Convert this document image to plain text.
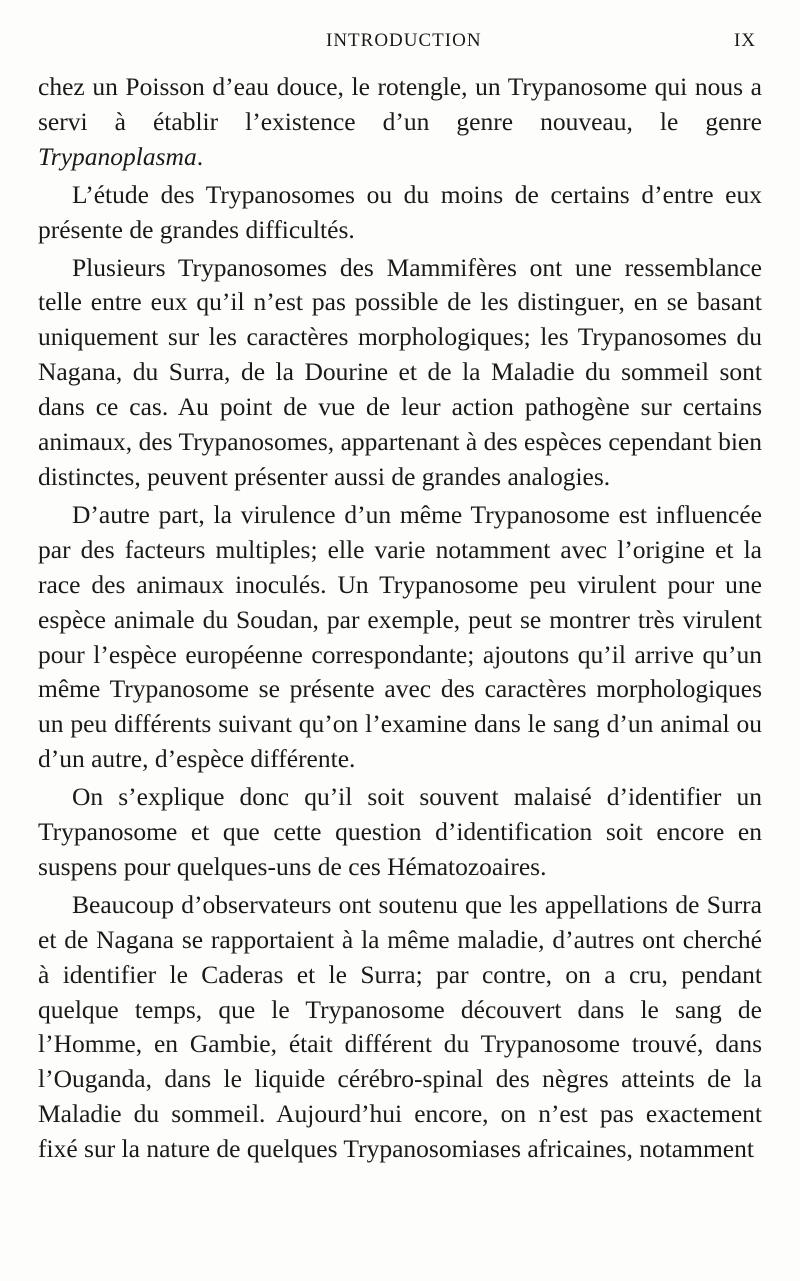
INTRODUCTION	IX

chez un Poisson d’eau douce, le rotengle, un Trypanosome qui nous a servi à établir l’existence d’un genre nouveau, le genre Trypanoplasma.

L’étude des Trypanosomes ou du moins de certains d’entre eux présente de grandes difficultés.

Plusieurs Trypanosomes des Mammifères ont une ressemblance telle entre eux qu’il n’est pas possible de les distinguer, en se basant uniquement sur les caractères morphologiques; les Trypanosomes du Nagana, du Surra, de la Dourine et de la Maladie du sommeil sont dans ce cas. Au point de vue de leur action pathogène sur certains animaux, des Trypanosomes, appartenant à des espèces cependant bien distinctes, peuvent présenter aussi de grandes analogies.

D’autre part, la virulence d’un même Trypanosome est influencée par des facteurs multiples; elle varie notamment avec l’origine et la race des animaux inoculés. Un Trypanosome peu virulent pour une espèce animale du Soudan, par exemple, peut se montrer très virulent pour l’espèce européenne correspondante; ajoutons qu’il arrive qu’un même Trypanosome se présente avec des caractères morphologiques un peu différents suivant qu’on l’examine dans le sang d’un animal ou d’un autre, d’espèce différente.

On s’explique donc qu’il soit souvent malaisé d’identifier un Trypanosome et que cette question d’identification soit encore en suspens pour quelques-uns de ces Hématozoaires.

Beaucoup d’observateurs ont soutenu que les appellations de Surra et de Nagana se rapportaient à la même maladie, d’autres ont cherché à identifier le Caderas et le Surra; par contre, on a cru, pendant quelque temps, que le Trypanosome découvert dans le sang de l’Homme, en Gambie, était différent du Trypanosome trouvé, dans l’Ouganda, dans le liquide cérébro-spinal des nègres atteints de la Maladie du sommeil. Aujourd’hui encore, on n’est pas exactement fixé sur la nature de quelques Trypanosomiases africaines, notamment
